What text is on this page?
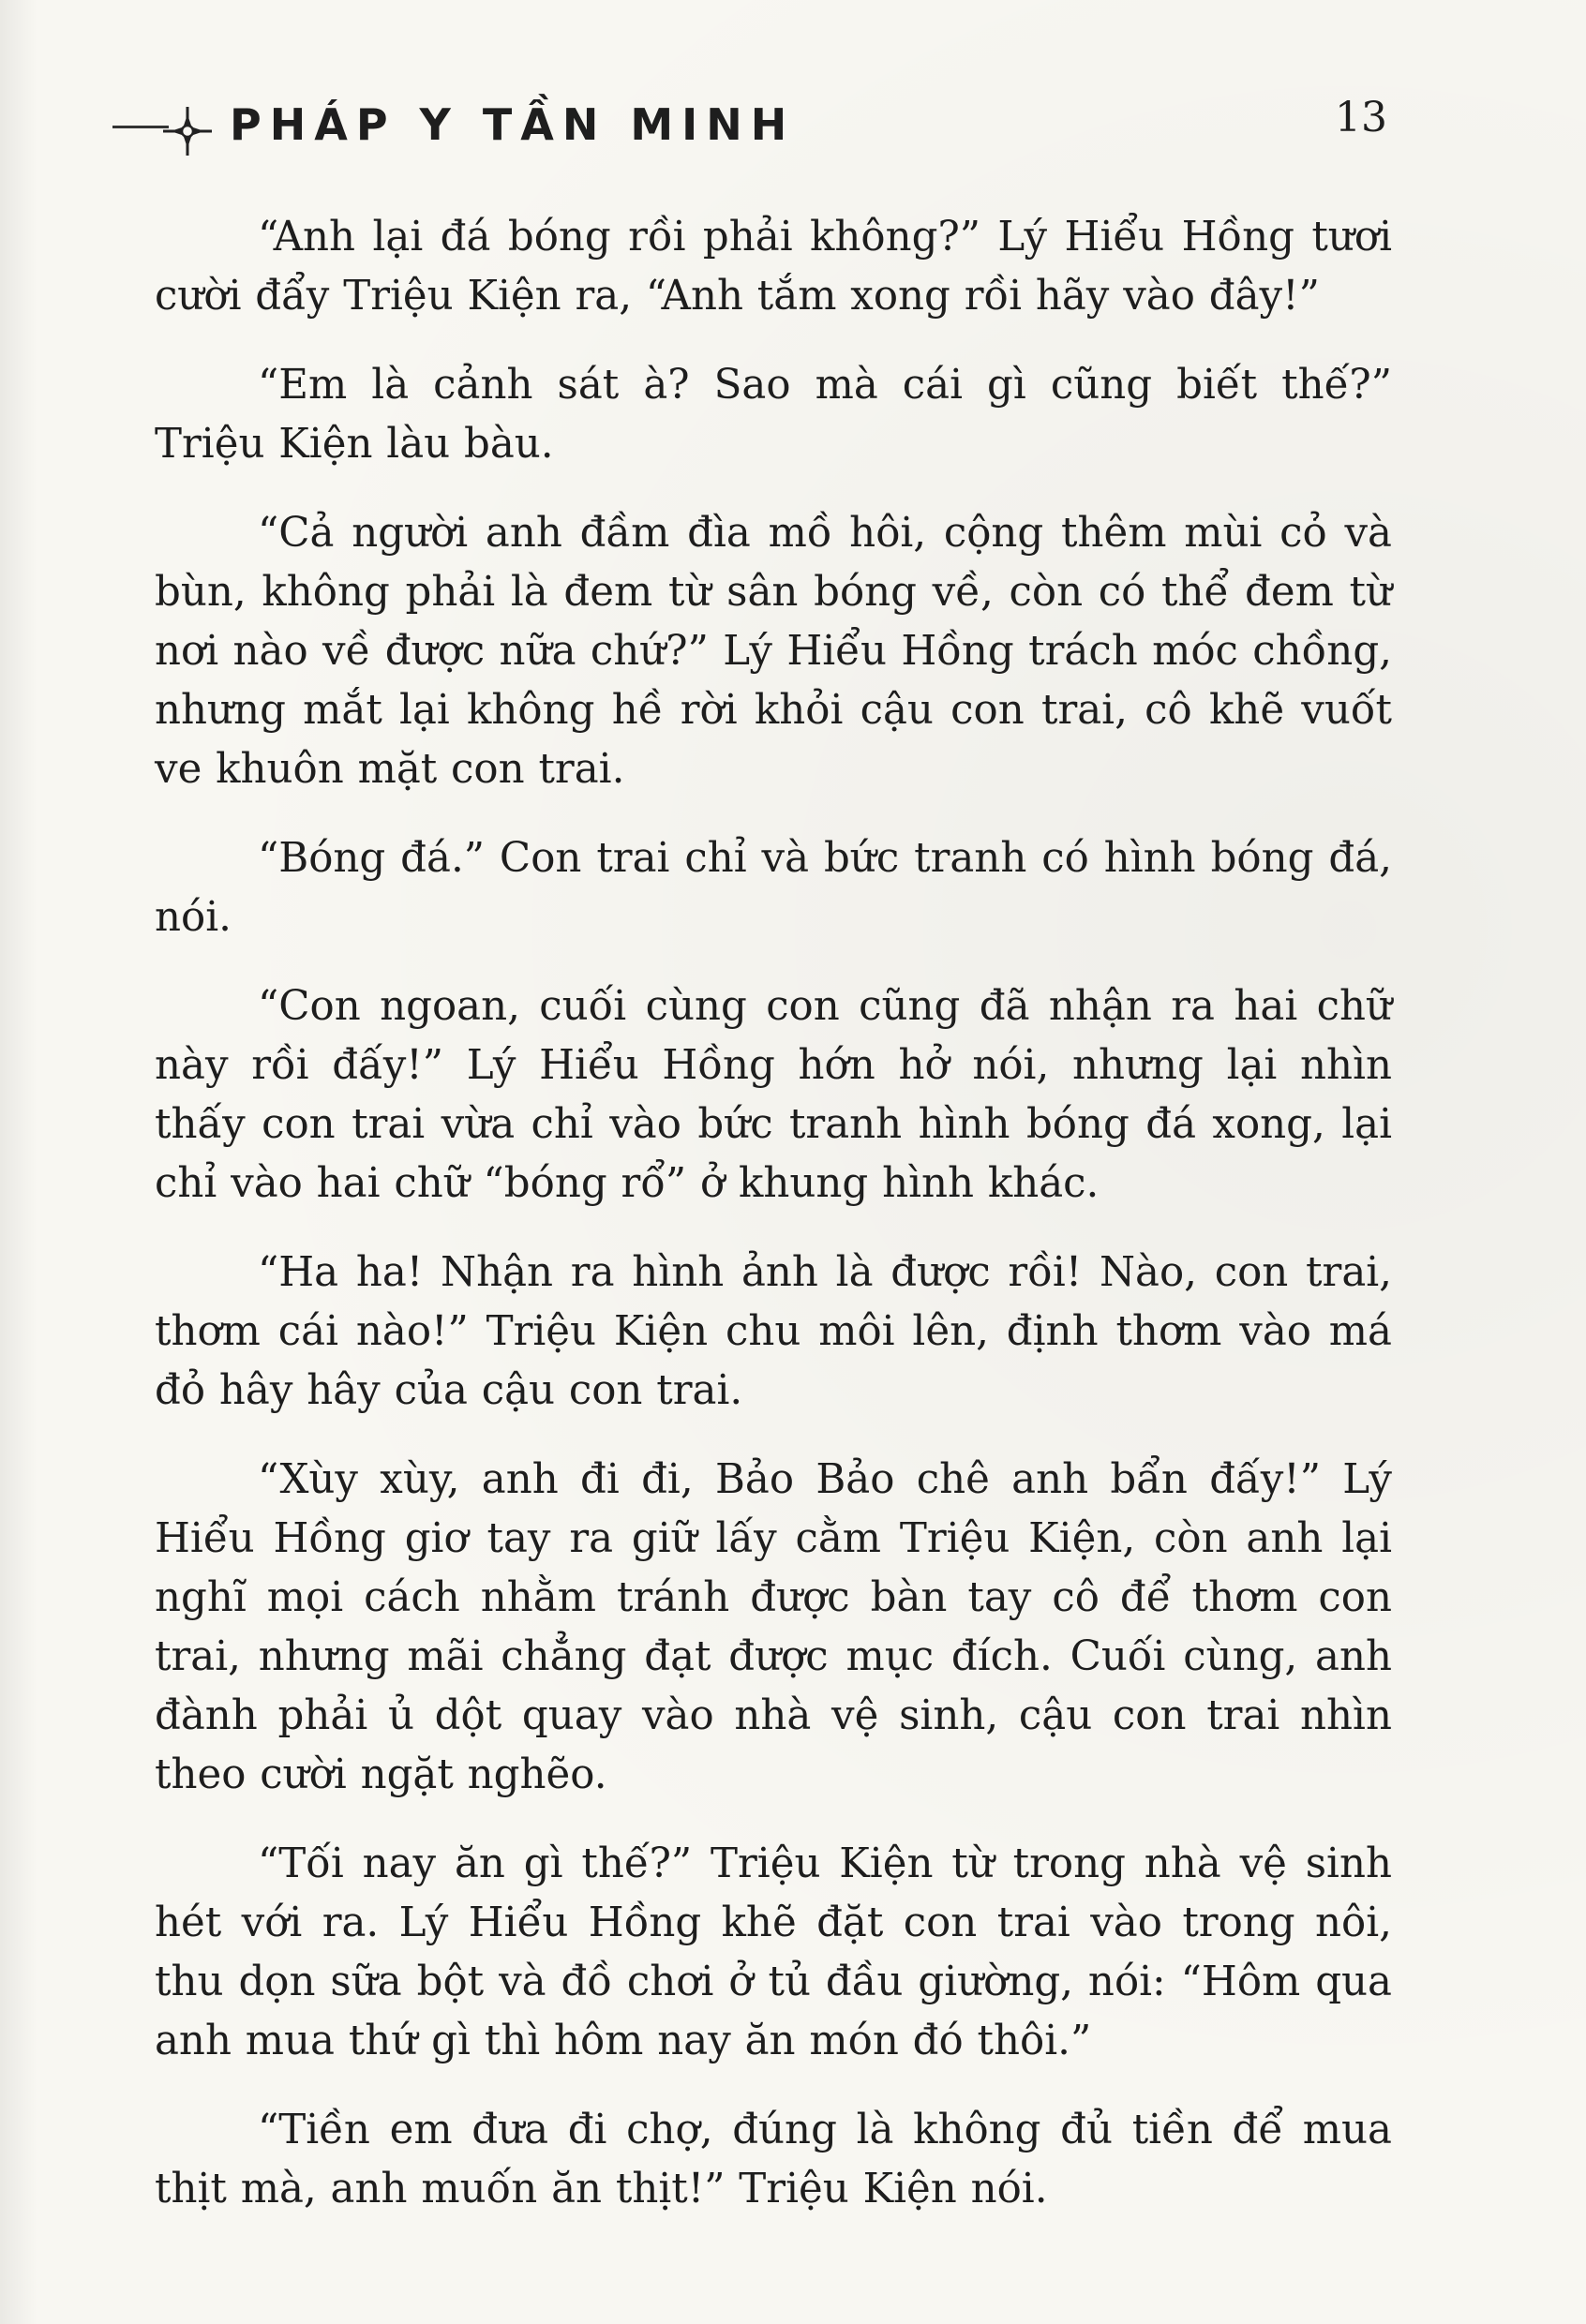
PHÁP Y TẦN MINH	13

“Anh lại đá bóng rồi phải không?” Lý Hiểu Hồng tươi cười đẩy Triệu Kiện ra, “Anh tắm xong rồi hãy vào đây!”

“Em là cảnh sát à? Sao mà cái gì cũng biết thế?” Triệu Kiện làu bàu.

“Cả người anh đầm đìa mồ hôi, cộng thêm mùi cỏ và bùn, không phải là đem từ sân bóng về, còn có thể đem từ nơi nào về được nữa chứ?” Lý Hiểu Hồng trách móc chồng, nhưng mắt lại không hề rời khỏi cậu con trai, cô khẽ vuốt ve khuôn mặt con trai.

“Bóng đá.” Con trai chỉ và bức tranh có hình bóng đá, nói.

“Con ngoan, cuối cùng con cũng đã nhận ra hai chữ này rồi đấy!” Lý Hiểu Hồng hớn hở nói, nhưng lại nhìn thấy con trai vừa chỉ vào bức tranh hình bóng đá xong, lại chỉ vào hai chữ “bóng rổ” ở khung hình khác.

“Ha ha! Nhận ra hình ảnh là được rồi! Nào, con trai, thơm cái nào!” Triệu Kiện chu môi lên, định thơm vào má đỏ hây hây của cậu con trai.

“Xùy xùy, anh đi đi, Bảo Bảo chê anh bẩn đấy!” Lý Hiểu Hồng giơ tay ra giữ lấy cằm Triệu Kiện, còn anh lại nghĩ mọi cách nhằm tránh được bàn tay cô để thơm con trai, nhưng mãi chẳng đạt được mục đích. Cuối cùng, anh đành phải ủ dột quay vào nhà vệ sinh, cậu con trai nhìn theo cười ngặt nghẽo.

“Tối nay ăn gì thế?” Triệu Kiện từ trong nhà vệ sinh hét với ra. Lý Hiểu Hồng khẽ đặt con trai vào trong nôi, thu dọn sữa bột và đồ chơi ở tủ đầu giường, nói: “Hôm qua anh mua thứ gì thì hôm nay ăn món đó thôi.”

“Tiền em đưa đi chợ, đúng là không đủ tiền để mua thịt mà, anh muốn ăn thịt!” Triệu Kiện nói.
